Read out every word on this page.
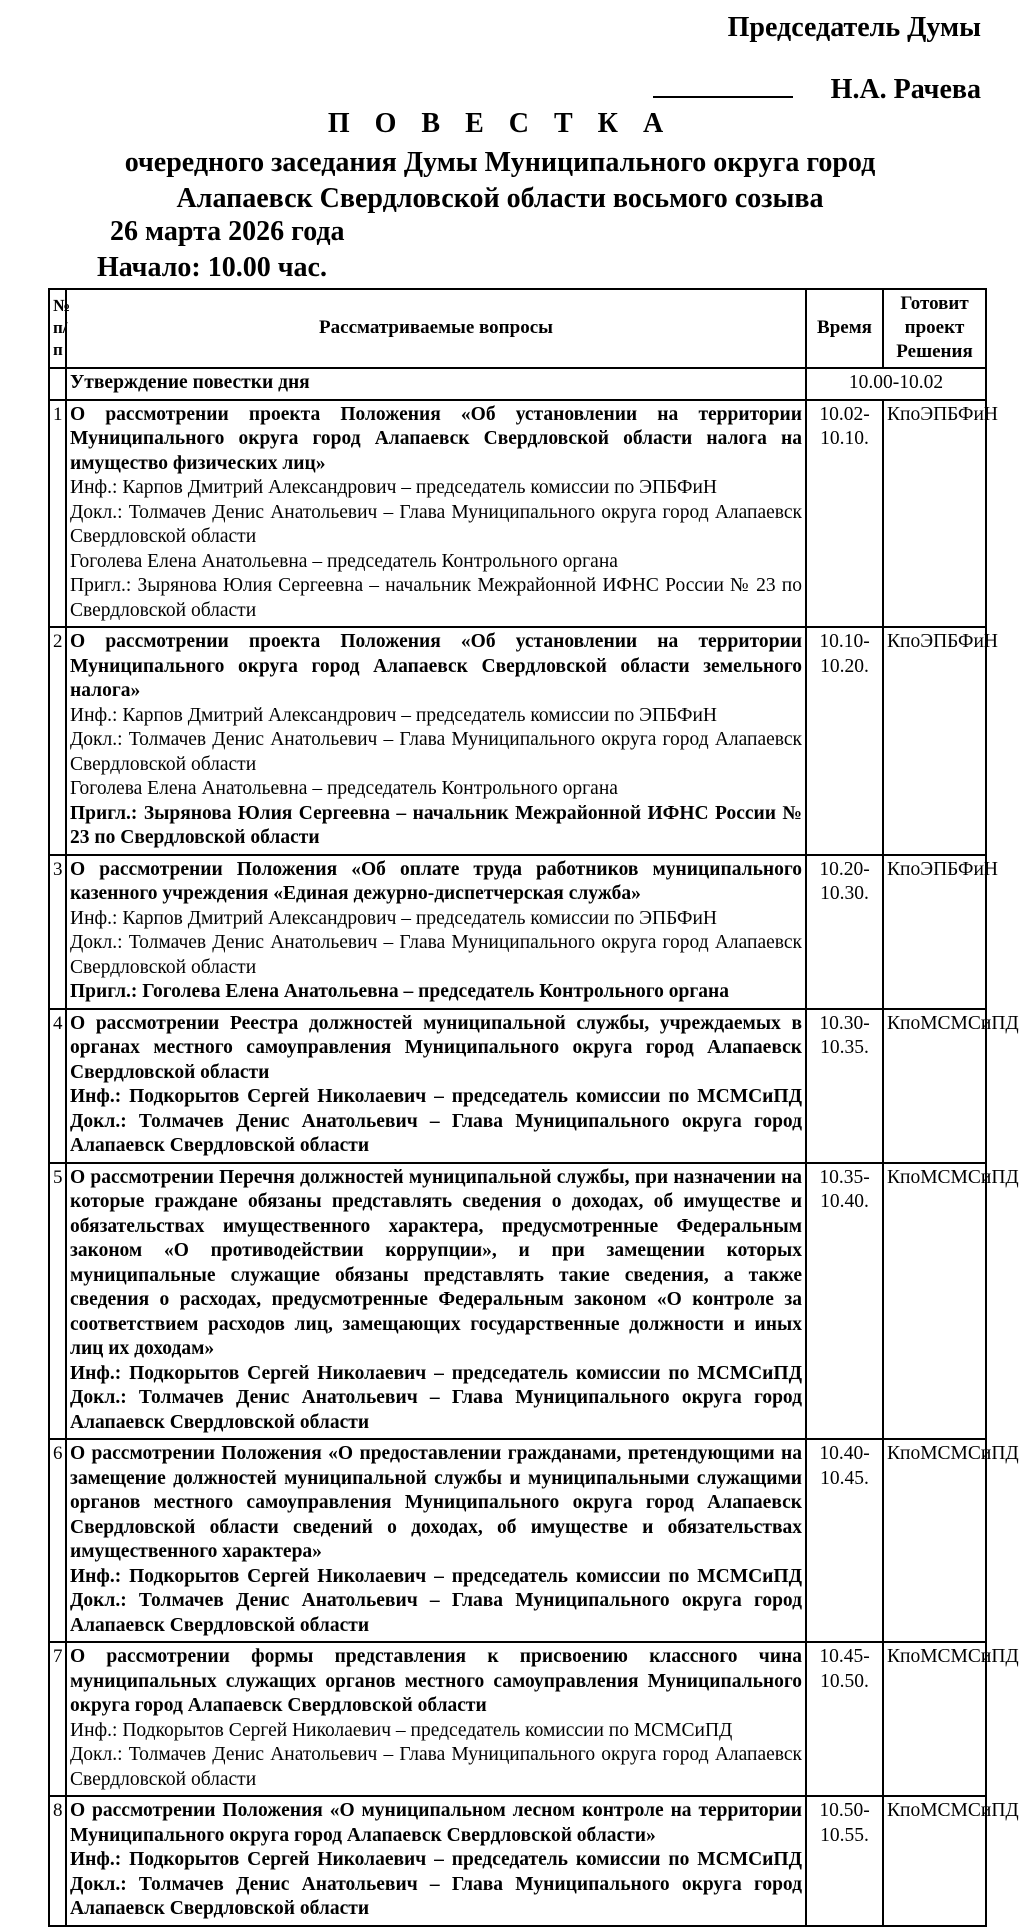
Председатель Думы
Н.А. Рачева
П О В Е С Т К А
очередного заседания Думы Муниципального округа город Алапаевск Свердловской области восьмого созыва
26 марта 2026 года
Начало: 10.00 час.
№ п/ п	Рассматриваемые вопросы	Время	Готовит проект Решения
	Утверждение повестки дня	10.00-10.02	
1	О рассмотрении проекта Положения «Об установлении на территории Муниципального округа город Алапаевск Свердловской области налога на имущество физических лиц»
Инф.: Карпов Дмитрий Александрович – председатель комиссии по ЭПБФиН
Докл.: Толмачев Денис Анатольевич – Глава Муниципального округа город Алапаевск Свердловской области
Гоголева Елена Анатольевна – председатель Контрольного органа
Пригл.: Зырянова Юлия Сергеевна – начальник Межрайонной ИФНС России № 23 по Свердловской области	10.02-10.10.	КпоЭПБФиН
2	О рассмотрении проекта Положения «Об установлении на территории Муниципального округа город Алапаевск Свердловской области земельного налога»
Инф.: Карпов Дмитрий Александрович – председатель комиссии по ЭПБФиН
Докл.: Толмачев Денис Анатольевич – Глава Муниципального округа город Алапаевск Свердловской области
Гоголева Елена Анатольевна – председатель Контрольного органа
Пригл.: Зырянова Юлия Сергеевна – начальник Межрайонной ИФНС России № 23 по Свердловской области	10.10-10.20.	КпоЭПБФиН
3	О рассмотрении Положения «Об оплате труда работников муниципального казенного учреждения «Единая дежурно-диспетчерская служба»
Инф.: Карпов Дмитрий Александрович – председатель комиссии по ЭПБФиН
Докл.: Толмачев Денис Анатольевич – Глава Муниципального округа город Алапаевск Свердловской области
Пригл.: Гоголева Елена Анатольевна – председатель Контрольного органа	10.20-10.30.	КпоЭПБФиН
4	О рассмотрении Реестра должностей муниципальной службы, учреждаемых в органах местного самоуправления Муниципального округа город Алапаевск Свердловской области
Инф.: Подкорытов Сергей Николаевич – председатель комиссии по МСМСиПД Докл.: Толмачев Денис Анатольевич – Глава Муниципального округа город Алапаевск Свердловской области	10.30-10.35.	КпоМСМСиПД
5	О рассмотрении Перечня должностей муниципальной службы, при назначении на которые граждане обязаны представлять сведения о доходах, об имуществе и обязательствах имущественного характера, предусмотренные Федеральным законом «О противодействии коррупции», и при замещении которых муниципальные служащие обязаны представлять такие сведения, а также сведения о расходах, предусмотренные Федеральным законом «О контроле за соответствием расходов лиц, замещающих государственные должности и иных лиц их доходам»
Инф.: Подкорытов Сергей Николаевич – председатель комиссии по МСМСиПД Докл.: Толмачев Денис Анатольевич – Глава Муниципального округа город Алапаевск Свердловской области	10.35-10.40.	КпоМСМСиПД
6	О рассмотрении Положения «О предоставлении гражданами, претендующими на замещение должностей муниципальной службы и муниципальными служащими органов местного самоуправления Муниципального округа город Алапаевск Свердловской области сведений о доходах, об имуществе и обязательствах имущественного характера»
Инф.: Подкорытов Сергей Николаевич – председатель комиссии по МСМСиПД Докл.: Толмачев Денис Анатольевич – Глава Муниципального округа город Алапаевск Свердловской области	10.40-10.45.	КпоМСМСиПД
7	О рассмотрении формы представления к присвоению классного чина муниципальных служащих органов местного самоуправления Муниципального округа город Алапаевск Свердловской области
Инф.: Подкорытов Сергей Николаевич – председатель комиссии по МСМСиПД
Докл.: Толмачев Денис Анатольевич – Глава Муниципального округа город Алапаевск Свердловской области	10.45-10.50.	КпоМСМСиПД
8	О рассмотрении Положения «О муниципальном лесном контроле на территории Муниципального округа город Алапаевск Свердловской области»
Инф.: Подкорытов Сергей Николаевич – председатель комиссии по МСМСиПД Докл.: Толмачев Денис Анатольевич – Глава Муниципального округа город Алапаевск Свердловской области	10.50-10.55.	КпоМСМСиПД
